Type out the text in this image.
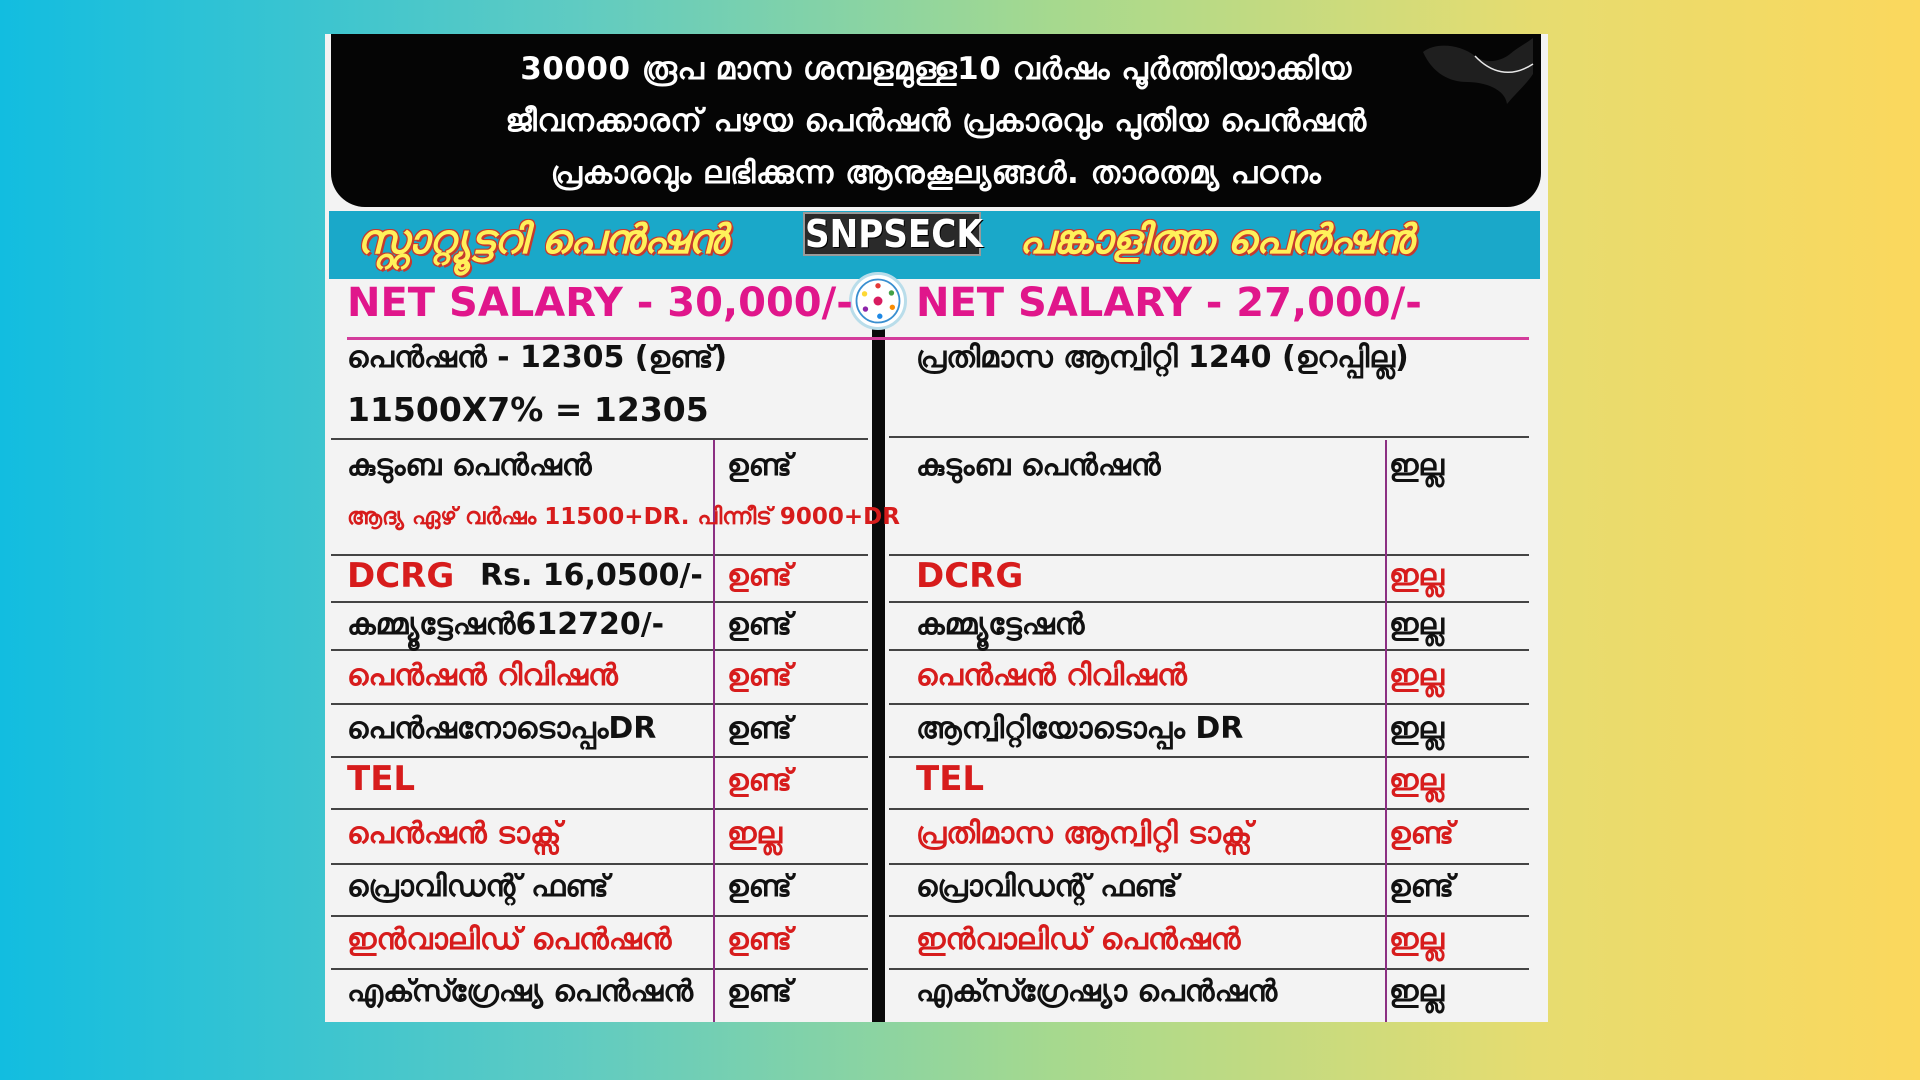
30000 രൂപ മാസ ശമ്പളമുള്ള10 വർഷം പൂർത്തിയാക്കിയ
ജീവനക്കാരന് പഴയ പെൻഷൻ പ്രകാരവും പുതിയ പെൻഷൻ
പ്രകാരവും ലഭിക്കുന്ന ആനുകൂല്യങ്ങൾ. താരതമ്യ പഠനം
സ്റ്റാറ്റ്യൂട്ടറി പെൻഷൻ	പങ്കാളിത്ത പെൻഷൻ
SNPSECK
NET SALARY - 30,000/- NET SALARY - 27,000/-
പെൻഷൻ - 12305 (ഉണ്ട്)
11500X7% = 12305
പ്രതിമാസ ആന്വിറ്റി 1240 (ഉറപ്പില്ല)
കുടുംബ പെൻഷൻ	ഉണ്ട്
ആദ്യ ഏഴ് വർഷം 11500+DR. പിന്നീട് 9000+DR
DCRG Rs. 16,0500/- ഉണ്ട്
കമ്മ്യൂട്ടേഷൻ612720/- ഉണ്ട്
പെൻഷൻ റിവിഷൻ	ഉണ്ട്
പെൻഷനോടൊപ്പംDR ഉണ്ട്
TEL	ഉണ്ട്
പെൻഷൻ ടാക്സ്	ഇല്ല
പ്രൊവിഡന്റ് ഫണ്ട്	ഉണ്ട്
ഇൻവാലിഡ് പെൻഷൻ ഉണ്ട്
എക്സ്ഗ്രേഷ്യ പെൻഷൻ ഉണ്ട്
കുടുംബ പെൻഷൻ	ഇല്ല
DCRG	ഇല്ല
കമ്മ്യൂട്ടേഷൻ	ഇല്ല
പെൻഷൻ റിവിഷൻ	ഇല്ല
ആന്വിറ്റിയോടൊപ്പം DR	ഇല്ല
TEL	ഇല്ല
പ്രതിമാസ ആന്വിറ്റി ടാക്സ്	ഉണ്ട്
പ്രൊവിഡന്റ് ഫണ്ട്	ഉണ്ട്
ഇൻവാലിഡ് പെൻഷൻ	ഇല്ല
എക്സ്ഗ്രേഷ്യാ പെൻഷൻ	ഇല്ല
